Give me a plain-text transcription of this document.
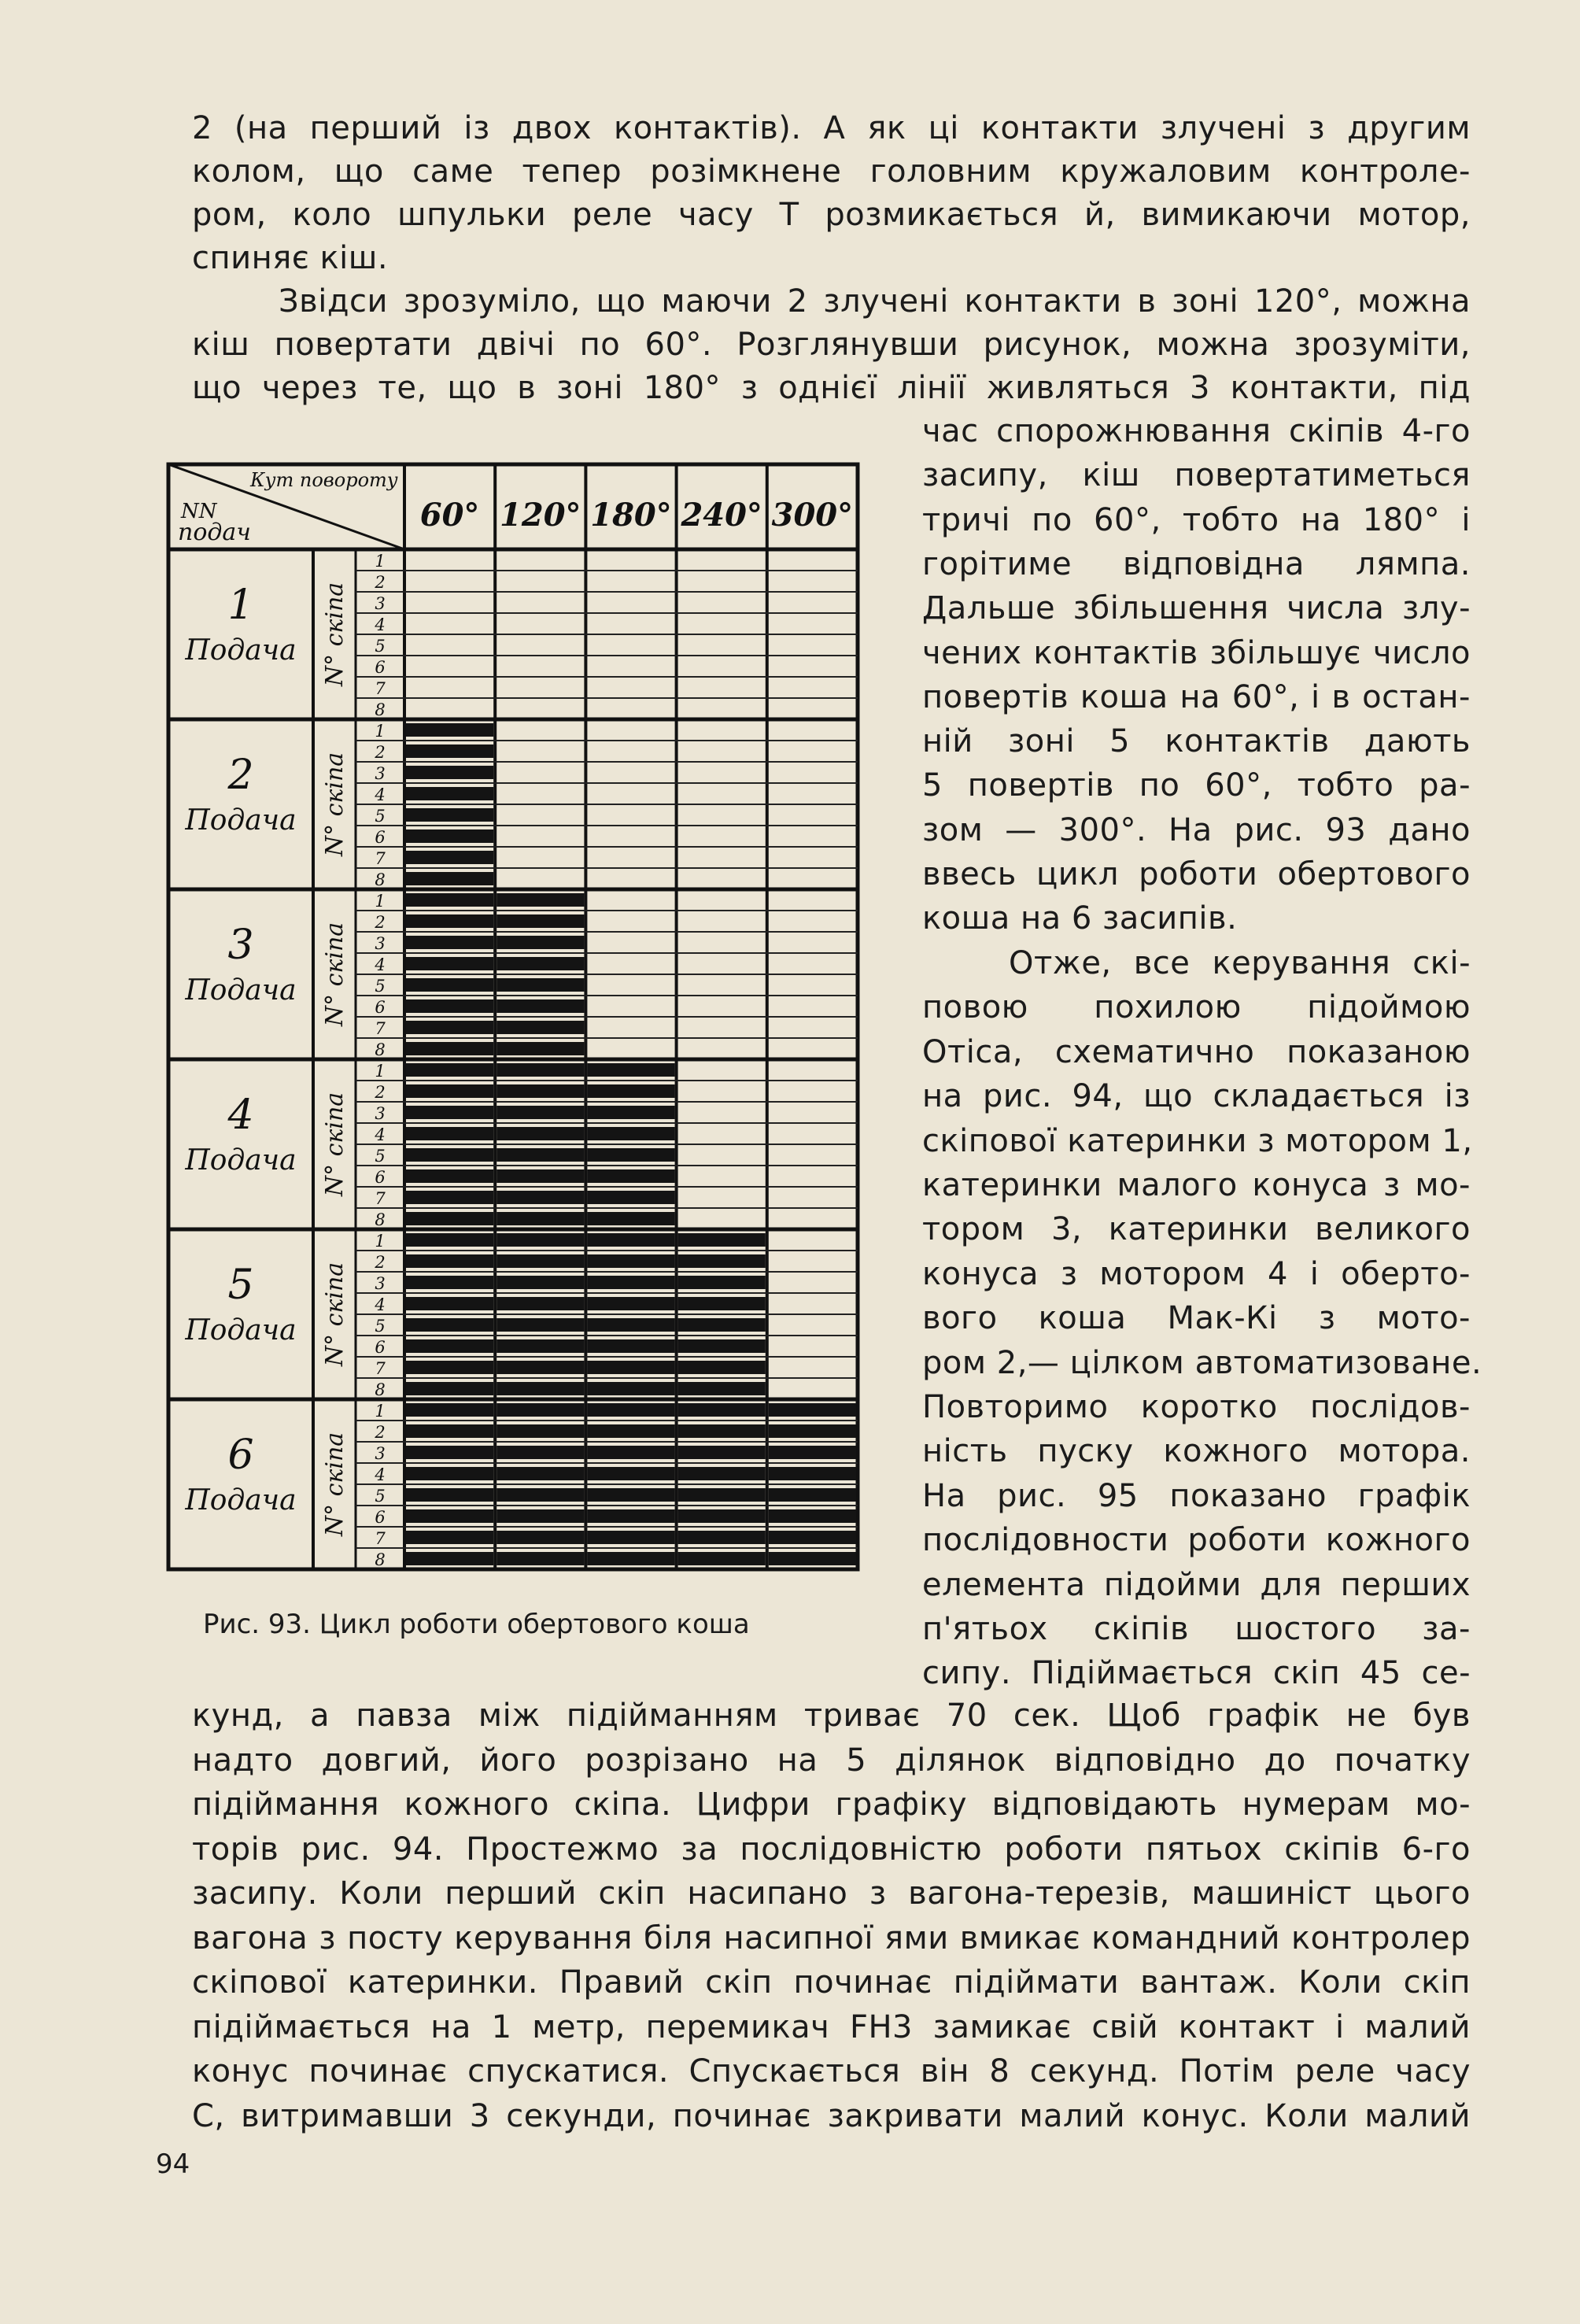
2 (на перший із двох контактів). А як ці контакти злучені з другим
колом, що саме тепер розімкнене головним кружаловим контроле-
ром, коло шпульки реле часу T розмикається й, вимикаючи мотор,
спиняє кіш.
Звідси зрозуміло, що маючи 2 злучені контакти в зоні 120°, можна
кіш повертати двічі по 60°. Розглянувши рисунок, можна зрозуміти,
що через те, що в зоні 180° з однієї лінії живляться 3 контакти, під
час спорожнювання скіпів 4-го
засипу, кіш повертатиметься
тричі по 60°, тобто на 180° і
горітиме відповідна лямпа.
Дальше збільшення числа злу-
чених контактів збільшує число
повертів коша на 60°, і в остан-
ній зоні 5 контактів дають
5 повертів по 60°, тобто ра-
зом — 300°. На рис. 93 дано
ввесь цикл роботи обертового
коша на 6 засипів.
Отже, все керування скі-
повою похилою підоймою
Отіса, схематично показаною
на рис. 94, що складається із
скіпової катеринки з мотором 1,
катеринки малого конуса з мо-
тором 3, катеринки великого
конуса з мотором 4 і оберто-
вого коша Мак-Кі з мото-
ром 2,— цілком автоматизоване.
Повторимо коротко послідов-
ність пуску кожного мотора.
На рис. 95 показано графік
послідовности роботи кожного
елемента підойми для перших
п'ятьох скіпів шостого за-
сипу. Підіймається скіп 45 се-
кунд, а павза між підійманням триває 70 сек. Щоб графік не був
надто довгий, його розрізано на 5 ділянок відповідно до початку
підіймання кожного скіпа. Цифри графіку відповідають нумерам мо-
торів рис. 94. Простежмо за послідовністю роботи пятьох скіпів 6-го
засипу. Коли перший скіп насипано з вагона-терезів, машиніст цього
вагона з посту керування біля насипної ями вмикає командний контролер
скіпової катеринки. Правий скіп починає підіймати вантаж. Коли скіп
підіймається на 1 метр, перемикач FH3 замикає свій контакт і малий
конус починає спускатися. Спускається він 8 секунд. Потім реле часу
C, витримавши 3 секунди, починає закривати малий конус. Коли малий
Кут повороту
NN
подач	60° 120° 180° 240° 300°
1
Подача N° скіпа
1
2
3
4
5
6
7
8
2
Подача N° скіпа
1
2
3
4
5
6
7
8
3
Подача N° скіпа
1
2
3
4
5
6
7
8
4
Подача N° скіпа
1
2
3
4
5
6
7
8
5
Подача N° скіпа
1
2
3
4
5
6
7
8
6
Подача N° скіпа
1
2
3
4
5
6
7
8
Рис. 93. Цикл роботи обертового коша
94
